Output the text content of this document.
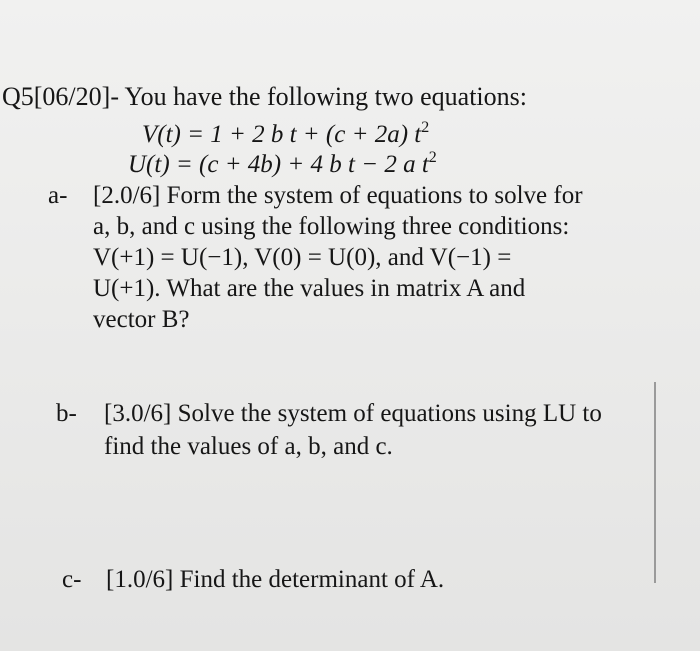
Q5[06/20]- You have the following two equations:
V(t) = 1 + 2 b t + (c + 2a) $t^2$
U(t) = (c + 4b) + 4 b t − 2 a $t^2$
a- [2.0/6] Form the system of equations to solve for
a, b, and c using the following three conditions:
V(+1) = U(−1), V(0) = U(0), and V(−1) =
U(+1). What are the values in matrix A and
vector B?
b- [3.0/6] Solve the system of equations using LU to
find the values of a, b, and c.
c- [1.0/6] Find the determinant of A.
